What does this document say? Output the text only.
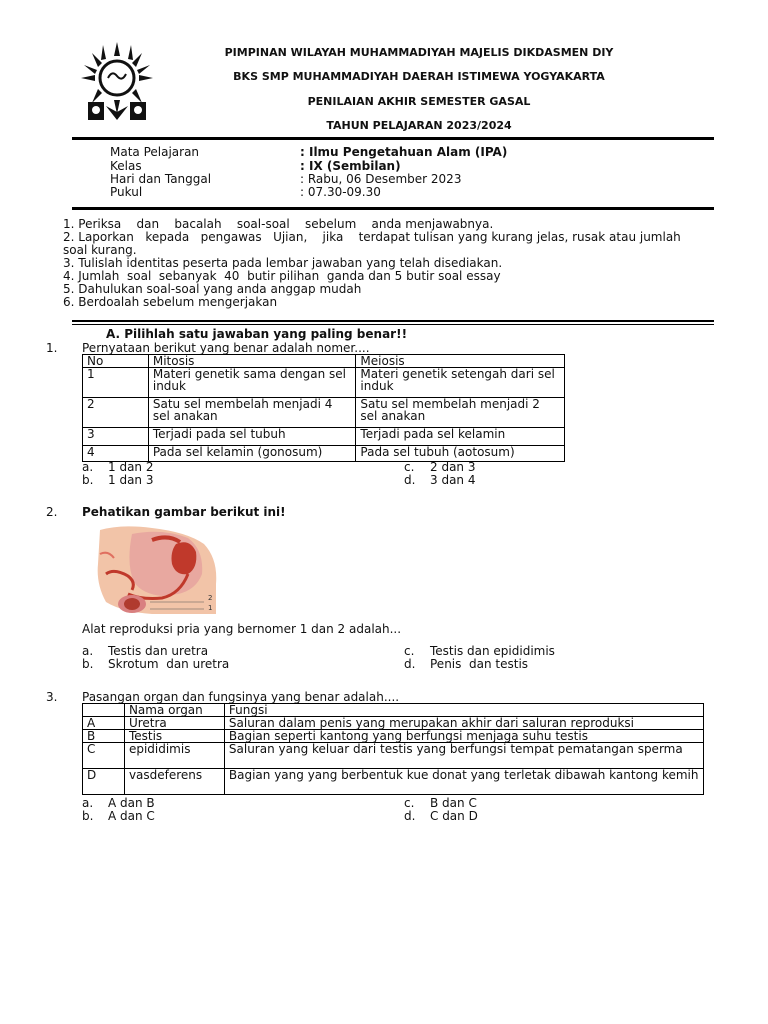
PIMPINAN WILAYAH MUHAMMADIYAH MAJELIS DIKDASMEN DIY
BKS SMP MUHAMMADIYAH DAERAH ISTIMEWA YOGYAKARTA
PENILAIAN AKHIR SEMESTER GASAL
TAHUN PELAJARAN 2023/2024
Mata Pelajaran	: Ilmu Pengetahuan Alam (IPA)
Kelas	: IX (Sembilan)
Hari dan Tanggal	: Rabu, 06 Desember 2023
Pukul	: 07.30-09.30
1. Periksa    dan    bacalah    soal-soal    sebelum    anda menjawabnya.
2. Laporkan   kepada   pengawas   Ujian,    jika    terdapat tulisan yang kurang jelas, rusak atau jumlah soal kurang.
3. Tulislah identitas peserta pada lembar jawaban yang telah disediakan.
4. Jumlah  soal  sebanyak  40  butir pilihan  ganda dan 5 butir soal essay
5. Dahulukan soal-soal yang anda anggap mudah
6. Berdoalah sebelum mengerjakan
A. Pilihlah satu jawaban yang paling benar!!
1. Pernyataan berikut yang benar adalah nomer....
No	Mitosis	Meiosis
1	Materi genetik sama dengan sel induk	Materi genetik setengah dari sel induk
2	Satu sel membelah menjadi 4 sel anakan	Satu sel membelah menjadi 2 sel anakan
3	Terjadi pada sel tubuh	Terjadi pada sel kelamin
4	Pada sel kelamin (gonosum)	Pada sel tubuh (aotosum)
a. 1 dan 2
b. 1 dan 3
c. 2 dan 3
d. 3 dan 4
2. Pehatikan gambar berikut ini!
2
1
Alat reproduksi pria yang bernomer 1 dan 2 adalah...
a. Testis dan uretra
b. Skrotum  dan uretra
c. Testis dan epididimis
d. Penis  dan testis
3. Pasangan organ dan fungsinya yang benar adalah....
	Nama organ	Fungsi
A	Uretra	Saluran dalam penis yang merupakan akhir dari saluran reproduksi
B	Testis	Bagian seperti kantong yang berfungsi menjaga suhu testis
C	epididimis	Saluran yang keluar dari testis yang berfungsi tempat pematangan sperma
D	vasdeferens	Bagian yang yang berbentuk kue donat yang terletak dibawah kantong kemih
a. A dan B
b. A dan C
c. B dan C
d. C dan D
